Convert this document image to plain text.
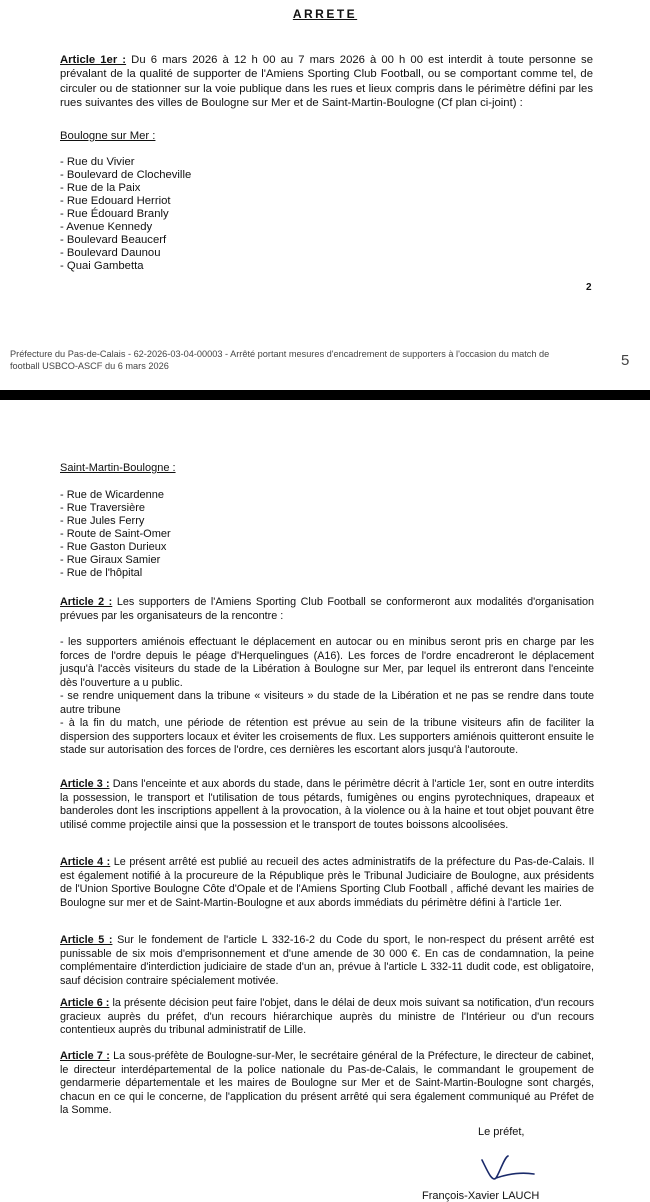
ARRETE
Article 1er : Du 6 mars 2026 à 12 h 00 au 7 mars 2026 à 00 h 00 est interdit à toute personne se prévalant de la qualité de supporter de l'Amiens Sporting Club Football, ou se comportant comme tel, de circuler ou de stationner sur la voie publique dans les rues et lieux compris dans le périmètre défini par les rues suivantes des villes de Boulogne sur Mer et de Saint-Martin-Boulogne (Cf plan ci-joint) :
Boulogne sur Mer :
- Rue du Vivier
- Boulevard de Clocheville
- Rue de la Paix
- Rue Edouard Herriot
- Rue Édouard Branly
- Avenue Kennedy
- Boulevard Beaucerf
- Boulevard Daunou
- Quai Gambetta
2
Préfecture du Pas-de-Calais - 62-2026-03-04-00003 - Arrêté portant mesures d'encadrement de supporters à l'occasion du match de football USBCO-ASCF du 6 mars 2026	5
Saint-Martin-Boulogne :
- Rue de Wicardenne
- Rue Traversière
- Rue Jules Ferry
- Route de Saint-Omer
- Rue Gaston Durieux
- Rue Giraux Samier
- Rue de l'hôpital

Article 2 : Les supporters de l'Amiens Sporting Club Football se conformeront aux modalités d'organisation prévues par les organisateurs de la rencontre :

- les supporters amiénois effectuant le déplacement en autocar ou en minibus seront pris en charge par les forces de l'ordre depuis le péage d'Herquelingues (A16). Les forces de l'ordre encadreront le déplacement jusqu'à l'accès visiteurs du stade de la Libération à Boulogne sur Mer, par lequel ils entreront dans l'enceinte dès l'ouverture a u public.

- se rendre uniquement dans la tribune « visiteurs » du stade de la Libération et ne pas se rendre dans toute autre tribune

- à la fin du match, une période de rétention est prévue au sein de la tribune visiteurs afin de faciliter la dispersion des supporters locaux et éviter les croisements de flux. Les supporters amiénois quitteront ensuite le stade sur autorisation des forces de l'ordre, ces dernières les escortant alors jusqu'à l'autoroute.

Article 3 : Dans l'enceinte et aux abords du stade, dans le périmètre décrit à l'article 1er, sont en outre interdits la possession, le transport et l'utilisation de tous pétards, fumigènes ou engins pyrotechniques, drapeaux et banderoles dont les inscriptions appellent à la provocation, à la violence ou à la haine et tout objet pouvant être utilisé comme projectile ainsi que la possession et le transport de toutes boissons alcoolisées.
Article 4 : Le présent arrêté est publié au recueil des actes administratifs de la préfecture du Pas-de-Calais. Il est également notifié à la procureure de la République près le Tribunal Judiciaire de Boulogne, aux présidents de l'Union Sportive Boulogne Côte d'Opale et de l'Amiens Sporting Club Football , affiché devant les mairies de Boulogne sur mer et de Saint-Martin-Boulogne et aux abords immédiats du périmètre défini à l'article 1er.
Article 5 : Sur le fondement de l'article L 332-16-2 du Code du sport, le non-respect du présent arrêté est punissable de six mois d'emprisonnement et d'une amende de 30 000 €. En cas de condamnation, la peine complémentaire d'interdiction judiciaire de stade d'un an, prévue à l'article L 332-11 dudit code, est obligatoire, sauf décision contraire spécialement motivée.
Article 6 : la présente décision peut faire l'objet, dans le délai de deux mois suivant sa notification, d'un recours gracieux auprès du préfet, d'un recours hiérarchique auprès du ministre de l'Intérieur ou d'un recours contentieux auprès du tribunal administratif de Lille.
Article 7 : La sous-préfète de Boulogne-sur-Mer, le secrétaire général de la Préfecture, le directeur de cabinet, le directeur interdépartemental de la police nationale du Pas-de-Calais, le commandant le groupement de gendarmerie départementale et les maires de Boulogne sur Mer et de Saint-Martin-Boulogne sont chargés, chacun en ce qui le concerne, de l'application du présent arrêté qui sera également communiqué au Préfet de la Somme.
Le préfet,
François-Xavier LAUCH
